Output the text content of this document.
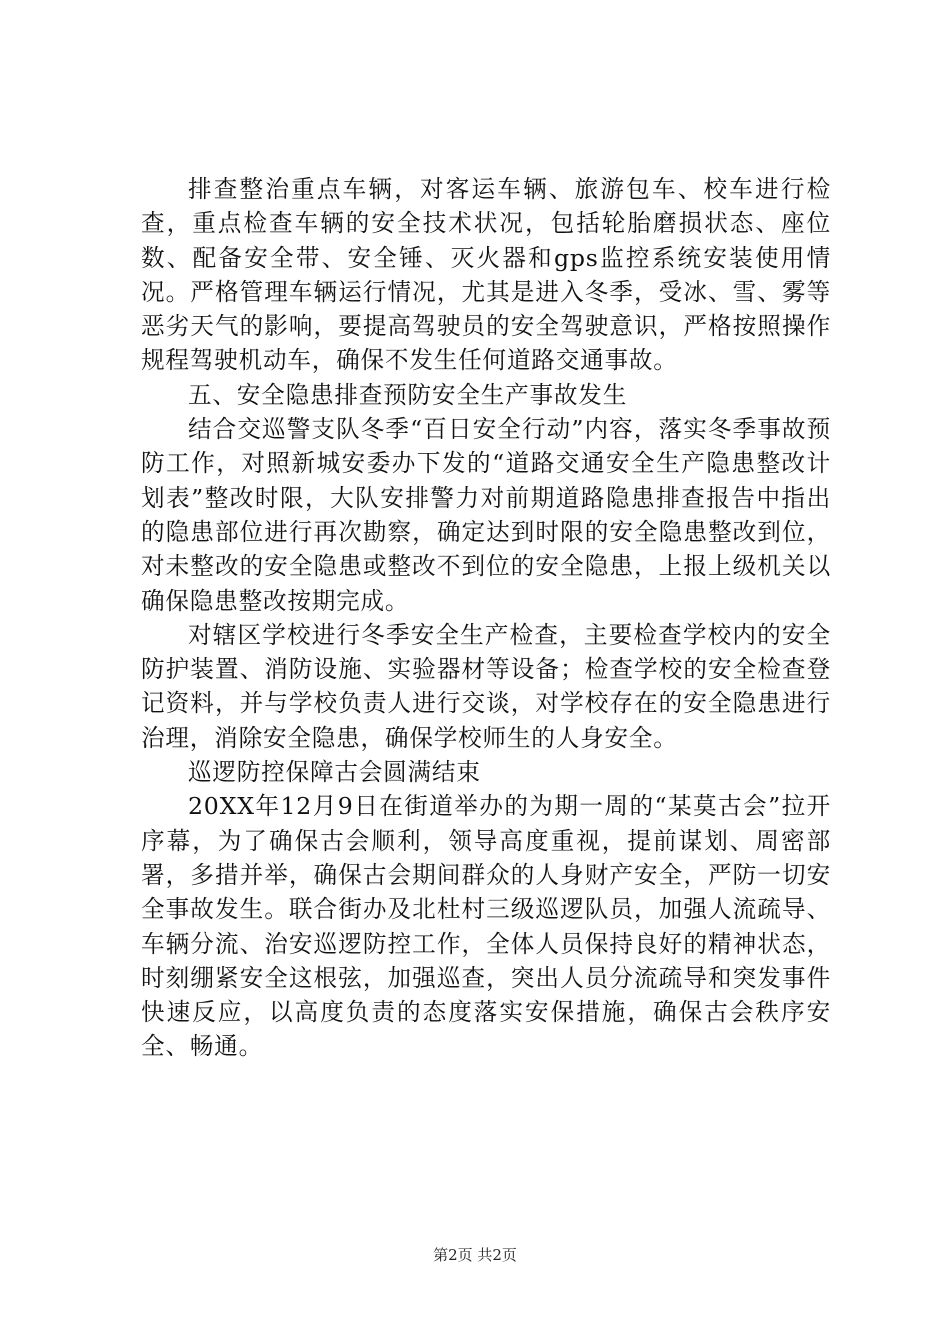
排查整治重点车辆，对客运车辆、旅游包车、校车进行检查，重点检查车辆的安全技术状况，包括轮胎磨损状态、座位数、配备安全带、安全锤、灭火器和gps监控系统安装使用情况。严格管理车辆运行情况，尤其是进入冬季，受冰、雪、雾等恶劣天气的影响，要提高驾驶员的安全驾驶意识，严格按照操作规程驾驶机动车，确保不发生任何道路交通事故。

五、安全隐患排查预防安全生产事故发生

结合交巡警支队冬季“百日安全行动”内容，落实冬季事故预防工作，对照新城安委办下发的“道路交通安全生产隐患整改计划表”整改时限，大队安排警力对前期道路隐患排查报告中指出的隐患部位进行再次勘察，确定达到时限的安全隐患整改到位，对未整改的安全隐患或整改不到位的安全隐患，上报上级机关以确保隐患整改按期完成。

对辖区学校进行冬季安全生产检查，主要检查学校内的安全防护装置、消防设施、实验器材等设备；检查学校的安全检查登记资料，并与学校负责人进行交谈，对学校存在的安全隐患进行治理，消除安全隐患，确保学校师生的人身安全。

巡逻防控保障古会圆满结束

20XX年12月9日在街道举办的为期一周的“某莫古会”拉开序幕，为了确保古会顺利，领导高度重视，提前谋划、周密部署，多措并举，确保古会期间群众的人身财产安全，严防一切安全事故发生。联合街办及北杜村三级巡逻队员，加强人流疏导、车辆分流、治安巡逻防控工作，全体人员保持良好的精神状态，时刻绷紧安全这根弦，加强巡查，突出人员分流疏导和突发事件快速反应，以高度负责的态度落实安保措施，确保古会秩序安全、畅通。

第2页 共2页
